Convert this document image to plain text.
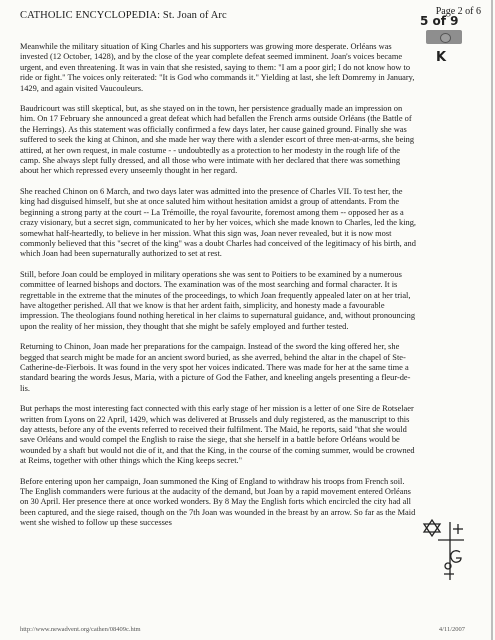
CATHOLIC ENCYCLOPEDIA: St. Joan of Arc	Page 2 of 6
5 of 9
K

Meanwhile the military situation of King Charles and his supporters was growing more desperate. Orléans was invested (12 October, 1428), and by the close of the year complete defeat seemed imminent. Joan's voices became urgent, and even threatening. It was in vain that she resisted, saying to them: "I am a poor girl; I do not know how to ride or fight." The voices only reiterated: "It is God who commands it." Yielding at last, she left Domremy in January, 1429, and again visited Vaucouleurs.

Baudricourt was still skeptical, but, as she stayed on in the town, her persistence gradually made an impression on him. On 17 February she announced a great defeat which had befallen the French arms outside Orléans (the Battle of the Herrings). As this statement was officially confirmed a few days later, her cause gained ground. Finally she was suffered to seek the king at Chinon, and she made her way there with a slender escort of three men-at-arms, she being attired, at her own request, in male costume - - undoubtedly as a protection to her modesty in the rough life of the camp. She always slept fully dressed, and all those who were intimate with her declared that there was something about her which repressed every unseemly thought in her regard.

She reached Chinon on 6 March, and two days later was admitted into the presence of Charles VII. To test her, the king had disguised himself, but she at once saluted him without hesitation amidst a group of attendants. From the beginning a strong party at the court -- La Trémoille, the royal favourite, foremost among them -- opposed her as a crazy visionary, but a secret sign, communicated to her by her voices, which she made known to Charles, led the king, somewhat half-heartedly, to believe in her mission. What this sign was, Joan never revealed, but it is now most commonly believed that this "secret of the king" was a doubt Charles had conceived of the legitimacy of his birth, and which Joan had been supernaturally authorized to set at rest.

Still, before Joan could be employed in military operations she was sent to Poitiers to be examined by a numerous committee of learned bishops and doctors. The examination was of the most searching and formal character. It is regrettable in the extreme that the minutes of the proceedings, to which Joan frequently appealed later on at her trial, have altogether perished. All that we know is that her ardent faith, simplicity, and honesty made a favourable impression. The theologians found nothing heretical in her claims to supernatural guidance, and, without pronouncing upon the reality of her mission, they thought that she might be safely employed and further tested.

Returning to Chinon, Joan made her preparations for the campaign. Instead of the sword the king offered her, she begged that search might be made for an ancient sword buried, as she averred, behind the altar in the chapel of Ste-Catherine-de-Fierbois. It was found in the very spot her voices indicated. There was made for her at the same time a standard bearing the words Jesus, Maria, with a picture of God the Father, and kneeling angels presenting a fleur-de-lis.

But perhaps the most interesting fact connected with this early stage of her mission is a letter of one Sire de Rotselaer written from Lyons on 22 April, 1429, which was delivered at Brussels and duly registered, as the manuscript to this day attests, before any of the events referred to received their fulfilment. The Maid, he reports, said "that she would save Orléans and would compel the English to raise the siege, that she herself in a battle before Orléans would be wounded by a shaft but would not die of it, and that the King, in the course of the coming summer, would be crowned at Reims, together with other things which the King keeps secret."

Before entering upon her campaign, Joan summoned the King of England to withdraw his troops from French soil. The English commanders were furious at the audacity of the demand, but Joan by a rapid movement entered Orléans on 30 April. Her presence there at once worked wonders. By 8 May the English forts which encircled the city had all been captured, and the siege raised, though on the 7th Joan was wounded in the breast by an arrow. So far as the Maid went she wished to follow up these successes

http://www.newadvent.org/cathen/08409c.htm	4/11/2007
